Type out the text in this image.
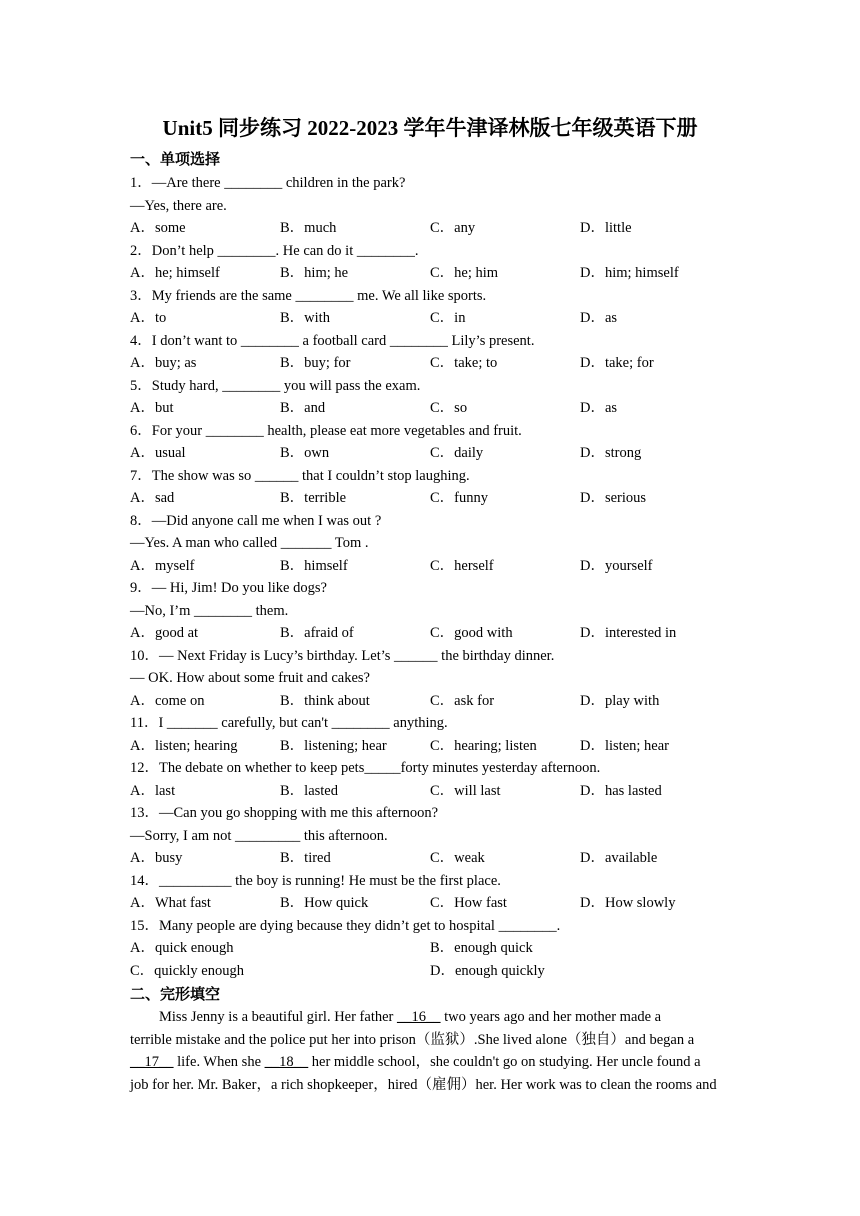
Unit5 同步练习 2022-2023 学年牛津译林版七年级英语下册
一、单项选择
1．—Are there ________ children in the park?
—Yes, there are.
A．some	B．much	C．any	D．little
2．Don’t help ________. He can do it ________.
A．he; himself	B．him; he	C．he; him	D．him; himself
3．My friends are the same ________ me. We all like sports.
A．to	B．with	C．in	D．as
4．I don’t want to ________ a football card ________ Lily’s present.
A．buy; as	B．buy; for	C．take; to	D．take; for
5．Study hard, ________ you will pass the exam.
A．but	B．and	C．so	D．as
6．For your ________ health, please eat more vegetables and fruit.
A．usual	B．own	C．daily	D．strong
7．The show was so ______ that I couldn’t stop laughing.
A．sad	B．terrible	C．funny	D．serious
8．—Did anyone call me when I was out ?
—Yes. A man who called _______ Tom .
A．myself	B．himself	C．herself	D．yourself
9．— Hi, Jim! Do you like dogs?
—No, I’m ________ them.
A．good at	B．afraid of	C．good with	D．interested in
10．— Next Friday is Lucy’s birthday. Let’s ______ the birthday dinner.
— OK. How about some fruit and cakes?
A．come on	B．think about	C．ask for	D．play with
11．I _______ carefully, but can't ________ anything.
A．listen; hearing	B．listening; hear	C．hearing; listen	D．listen; hear
12．The debate on whether to keep pets_____forty minutes yesterday afternoon.
A．last	B．lasted	C．will last	D．has lasted
13．—Can you go shopping with me this afternoon?
—Sorry, I am not _________ this afternoon.
A．busy	B．tired	C．weak	D．available
14．__________ the boy is running! He must be the first place.
A．What fast	B．How quick	C．How fast	D．How slowly
15．Many people are dying because they didn’t get to hospital ________.
A．quick enough	B．enough quick
C．quickly enough	D．enough quickly
二、完形填空
Miss Jenny is a beautiful girl. Her father __16__ two years ago and her mother made a
terrible mistake and the police put her into prison（监狱）.She lived alone（独自）and began a
__17__ life. When she __18__ her middle school，she couldn't go on studying. Her uncle found a
job for her. Mr. Baker，a rich shopkeeper，hired（雇佣）her. Her work was to clean the rooms and
